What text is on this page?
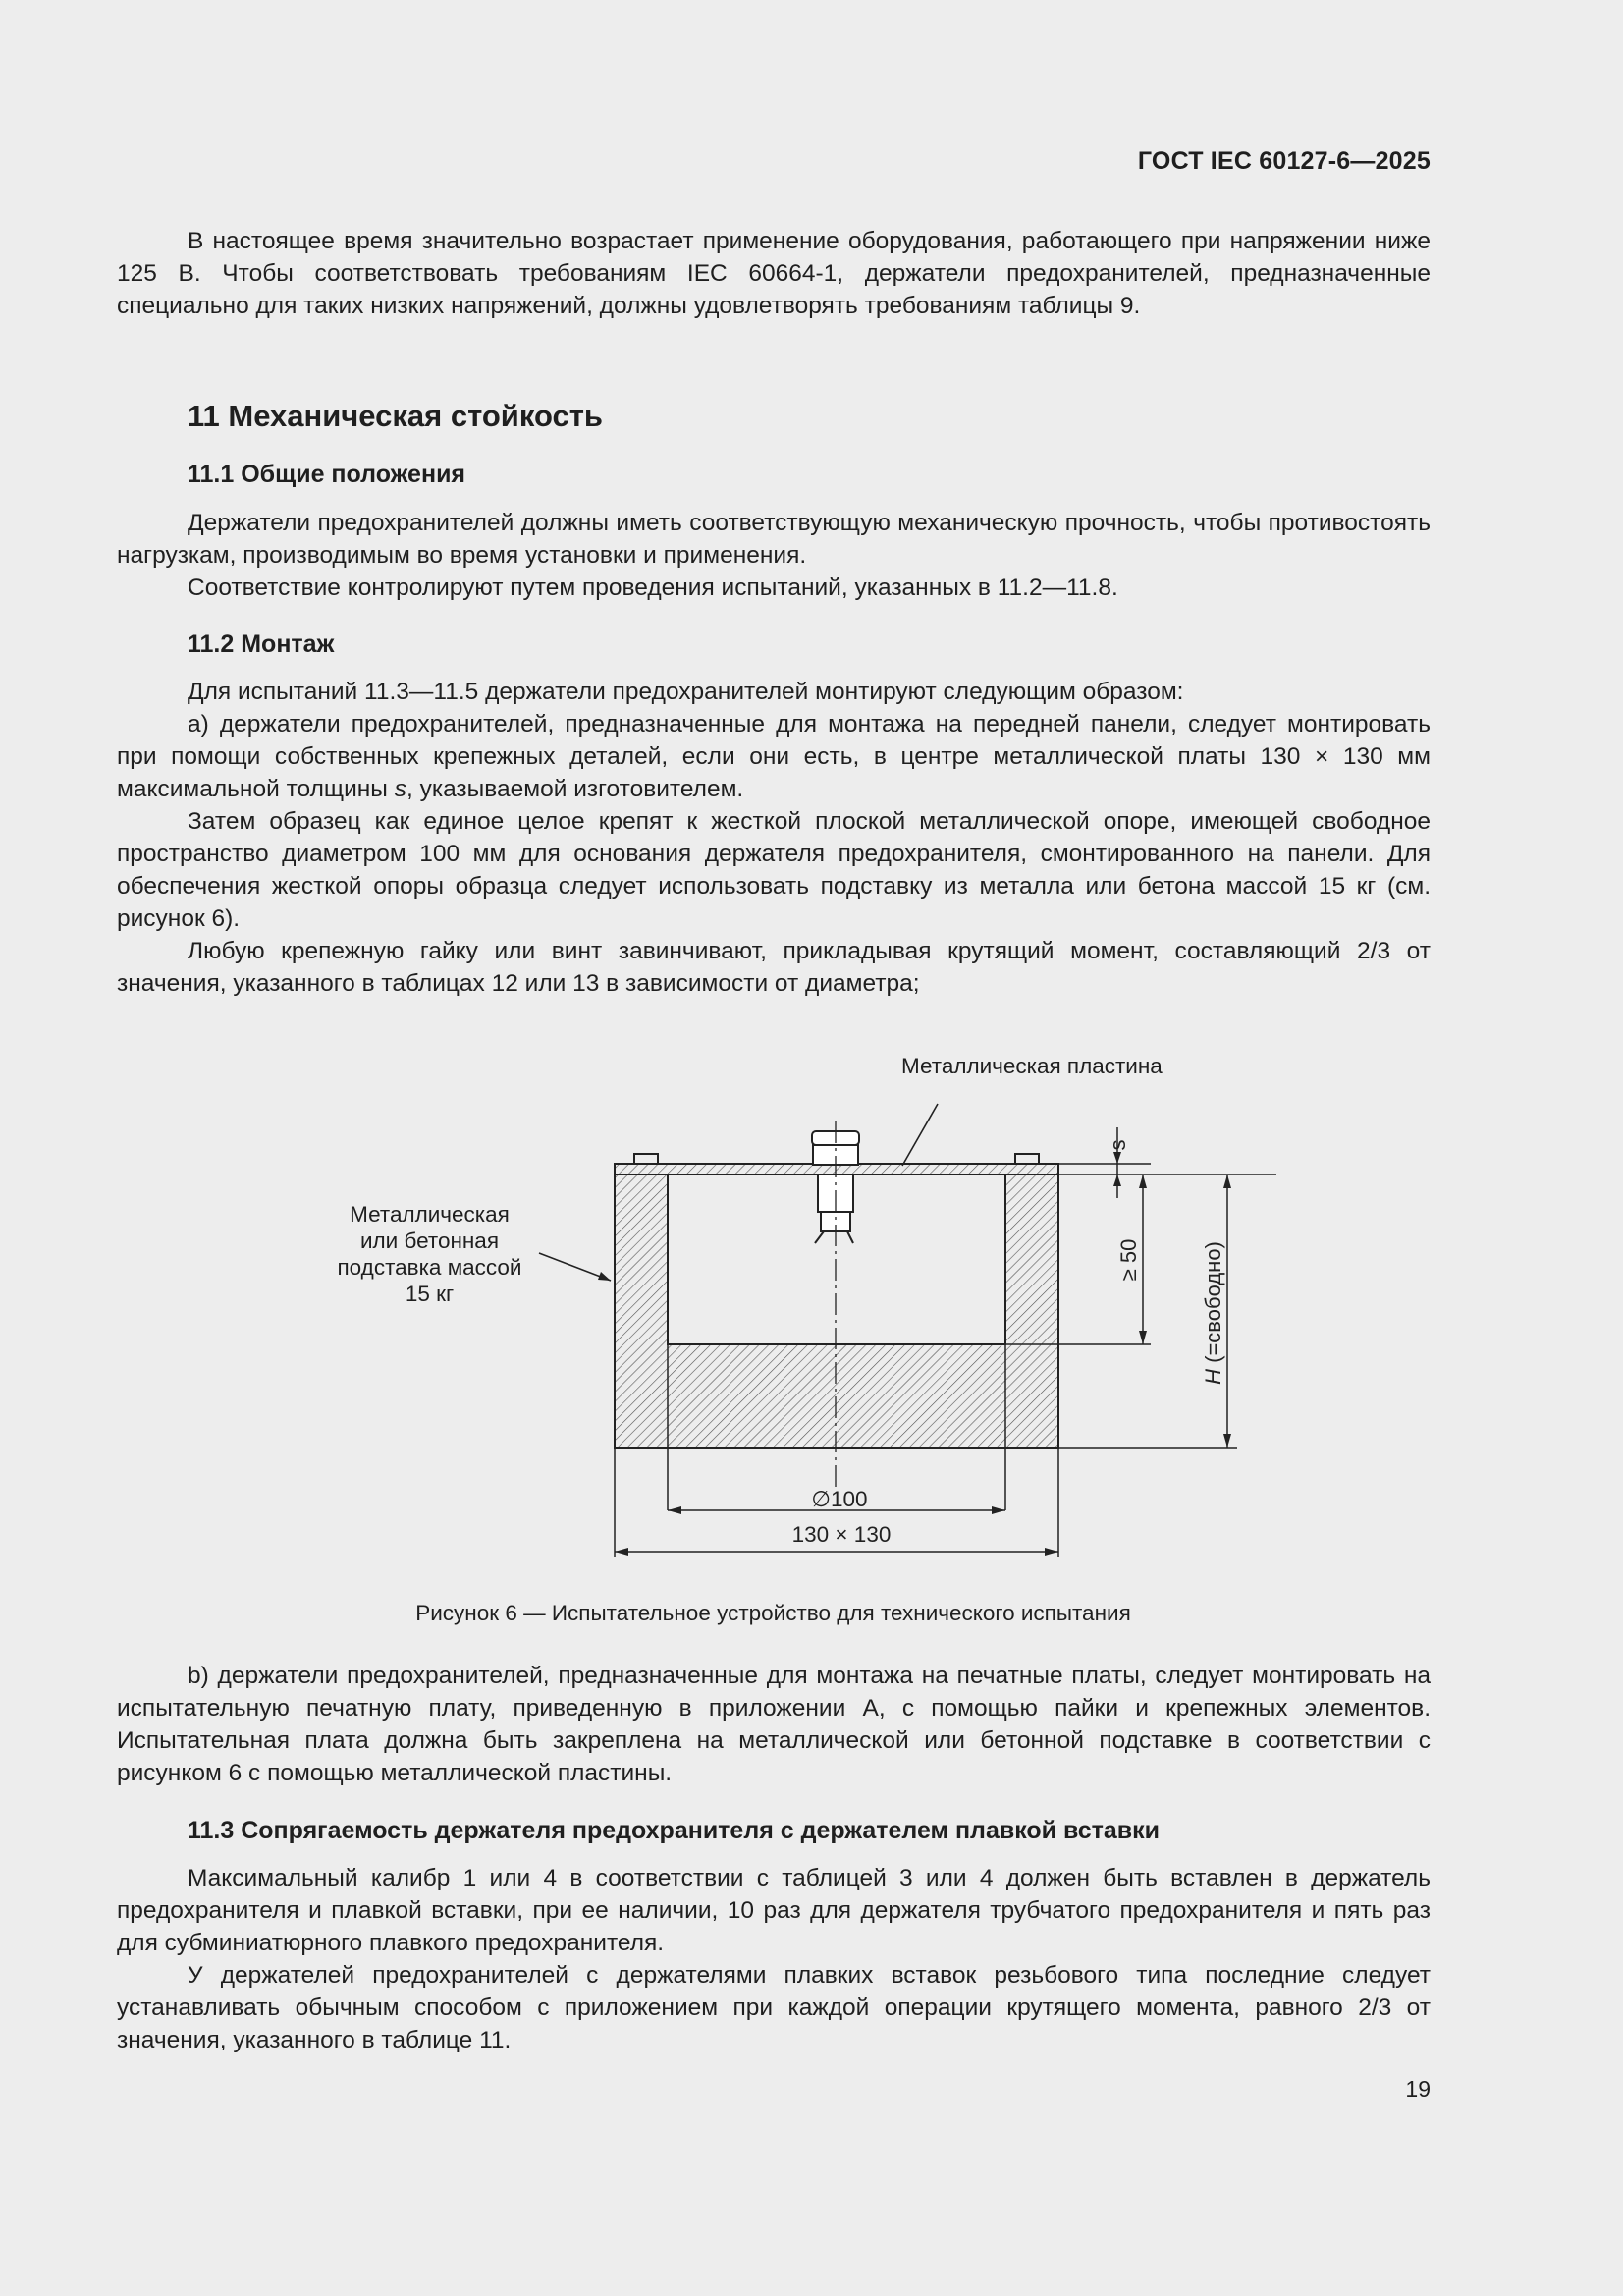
ГОСТ IEC 60127-6—2025

В настоящее время значительно возрастает применение оборудования, работающего при напряжении ниже 125 В. Чтобы соответствовать требованиям IEC 60664-1, держатели предохранителей, предназначенные специально для таких низких напряжений, должны удовлетворять требованиям таблицы 9.

11 Механическая стойкость
11.1 Общие положения

Держатели предохранителей должны иметь соответствующую механическую прочность, чтобы противостоять нагрузкам, производимым во время установки и применения.

Соответствие контролируют путем проведения испытаний, указанных в 11.2—11.8.

11.2 Монтаж

Для испытаний 11.3—11.5 держатели предохранителей монтируют следующим образом:

а) держатели предохранителей, предназначенные для монтажа на передней панели, следует монтировать при помощи собственных крепежных деталей, если они есть, в центре металлической платы 130 × 130 мм максимальной толщины s, указываемой изготовителем.

Затем образец как единое целое крепят к жесткой плоской металлической опоре, имеющей свободное пространство диаметром 100 мм для основания держателя предохранителя, смонтированного на панели. Для обеспечения жесткой опоры образца следует использовать подставку из металла или бетона массой 15 кг (см. рисунок 6).

Любую крепежную гайку или винт завинчивают, прикладывая крутящий момент, составляющий 2/3 от значения, указанного в таблицах 12 или 13 в зависимости от диаметра;

s
≥ 50
H (=свободно)
∅100
130 × 130
Металлическая пластина
Металлическая
или бетонная
подставка массой
15 кг
Рисунок 6 — Испытательное устройство для технического испытания

b) держатели предохранителей, предназначенные для монтажа на печатные платы, следует монтировать на испытательную печатную плату, приведенную в приложении А, с помощью пайки и крепежных элементов. Испытательная плата должна быть закреплена на металлической или бетонной подставке в соответствии с рисунком 6 с помощью металлической пластины.

11.3 Сопрягаемость держателя предохранителя с держателем плавкой вставки

Максимальный калибр 1 или 4 в соответствии с таблицей 3 или 4 должен быть вставлен в держатель предохранителя и плавкой вставки, при ее наличии, 10 раз для держателя трубчатого предохранителя и пять раз для субминиатюрного плавкого предохранителя.

У держателей предохранителей с держателями плавких вставок резьбового типа последние следует устанавливать обычным способом с приложением при каждой операции крутящего момента, равного 2/3 от значения, указанного в таблице 11.

19
